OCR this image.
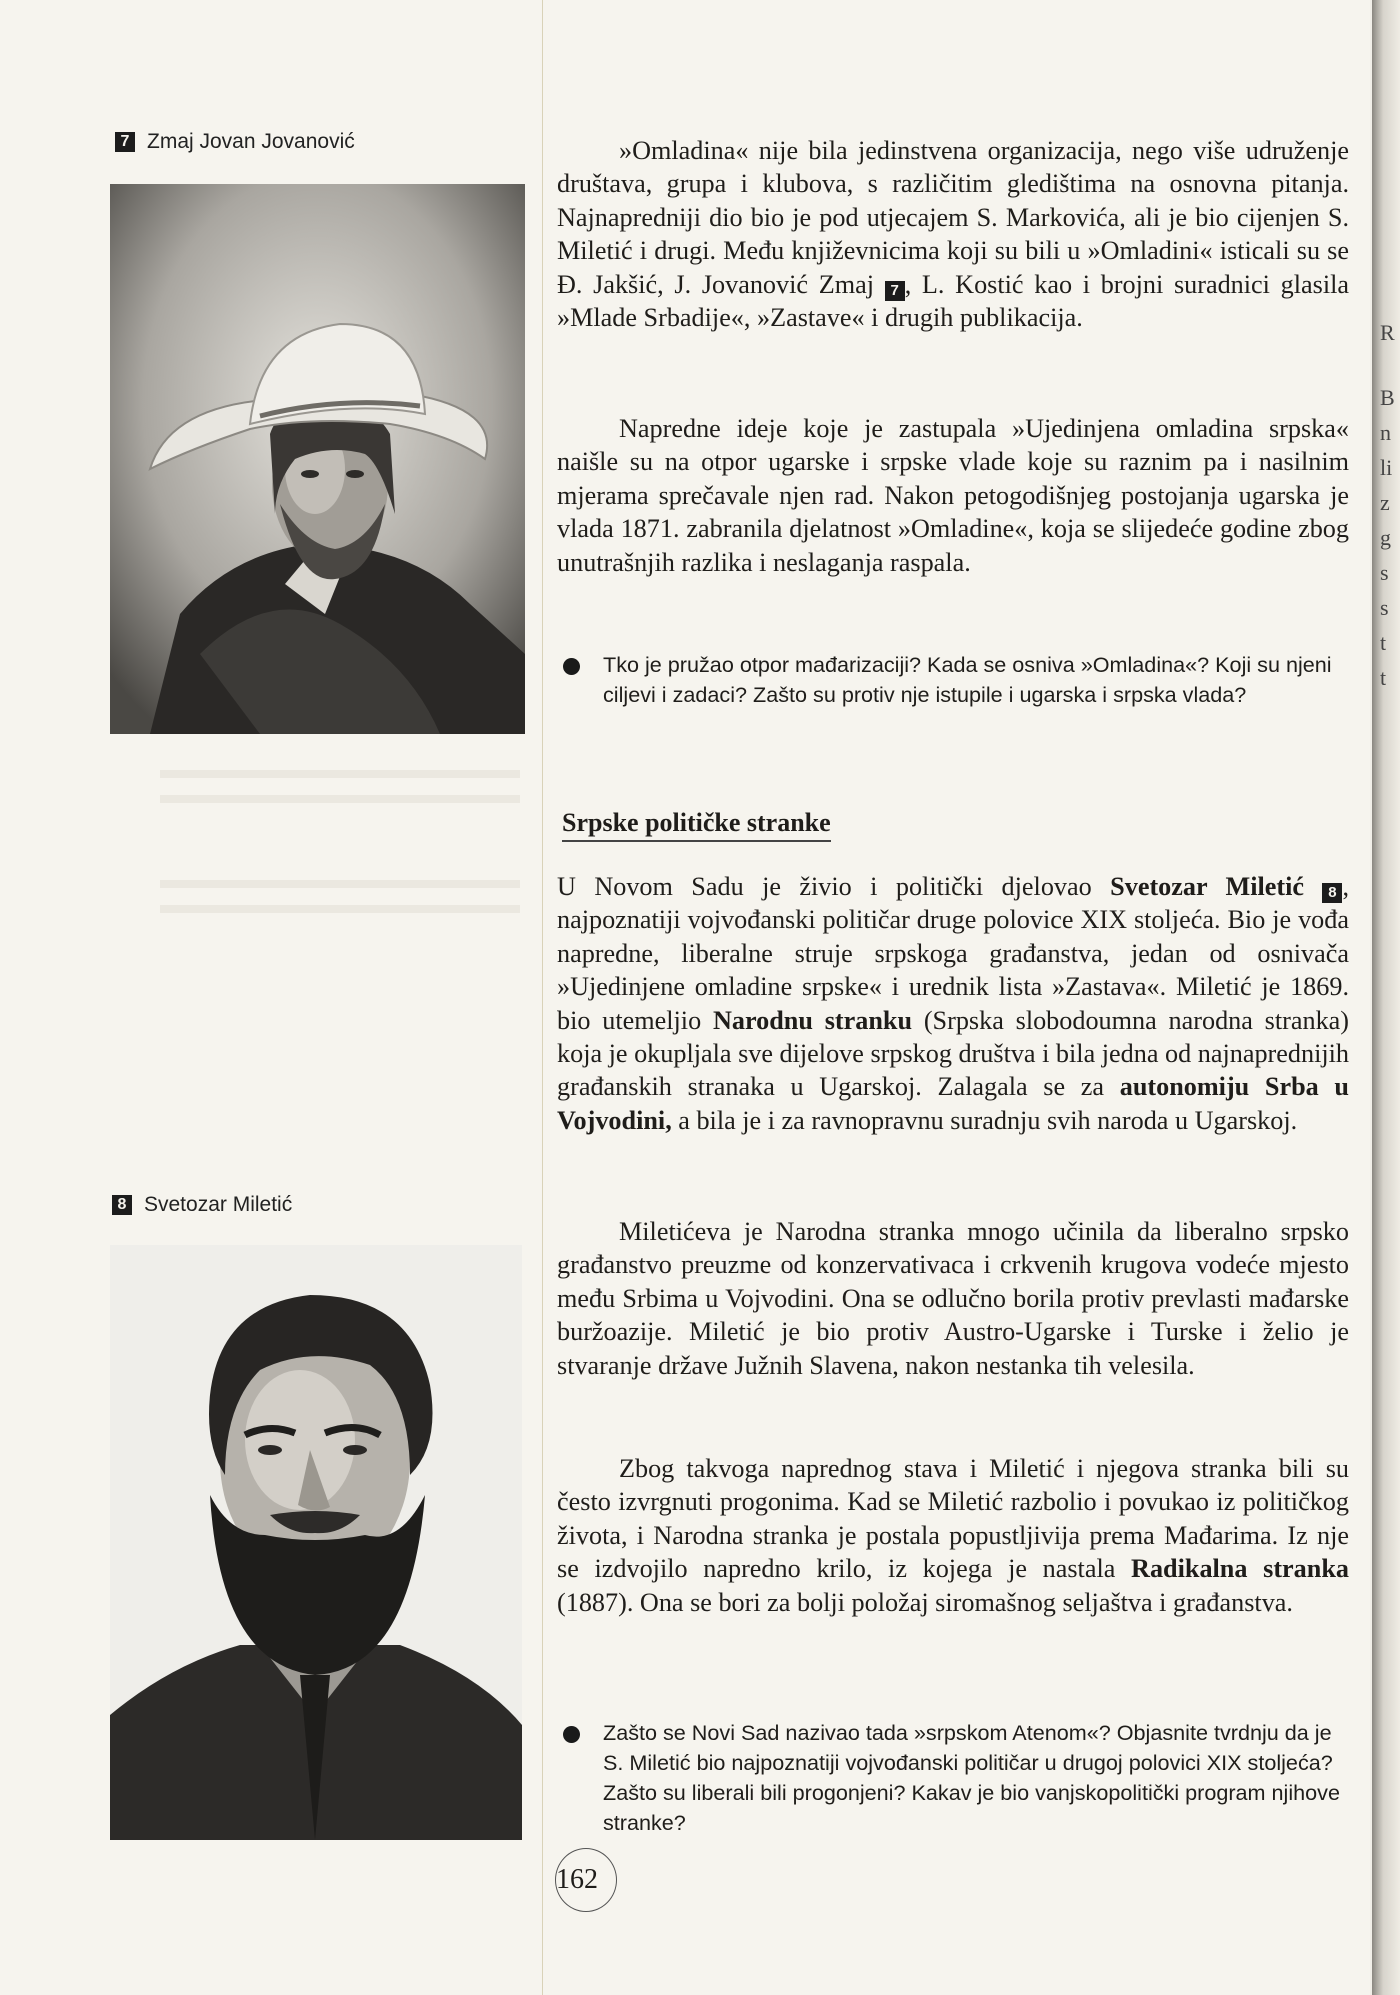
7 Zmaj Jovan Jovanović
8 Svetozar Miletić

»Omladina« nije bila jedinstvena organizacija, nego više udruženje društava, grupa i klubova, s različitim gledištima na osnovna pitanja. Najnapredniji dio bio je pod utjecajem S. Markovića, ali je bio cijenjen S. Miletić i drugi. Među književnicima koji su bili u »Omladini« isticali su se Đ. Jakšić, J. Jovanović Zmaj 7 , L. Kostić kao i brojni suradnici glasila »Mlade Srbadije«, »Zastave« i drugih publikacija.

Napredne ideje koje je zastupala »Ujedinjena omladina srpska« naišle su na otpor ugarske i srpske vlade koje su raznim pa i nasilnim mjerama sprečavale njen rad. Nakon petogodišnjeg postojanja ugarska je vlada 1871. zabranila djelatnost »Omladine«, koja se slijedeće godine zbog unutrašnjih razlika i neslaganja raspala.

Tko je pružao otpor mađarizaciji? Kada se osniva »Omladina«? Koji su njeni ciljevi i zadaci? Zašto su protiv nje istupile i ugarska i srpska vlada?
Srpske političke stranke

U Novom Sadu je živio i politički djelovao Svetozar Miletić 8 , najpoznatiji vojvođanski političar druge polovice XIX stoljeća. Bio je vođa napredne, liberalne struje srpskoga građanstva, jedan od osnivača »Ujedinjene omladine srpske« i urednik lista »Zastava«. Miletić je 1869. bio utemeljio Narodnu stranku (Srpska slobodoumna narodna stranka) koja je okupljala sve dijelove srpskog društva i bila jedna od najnaprednijih građanskih stranaka u Ugarskoj. Zalagala se za autonomiju Srba u Vojvodini, a bila je i za ravnopravnu suradnju svih naroda u Ugarskoj.

Miletićeva je Narodna stranka mnogo učinila da liberalno srpsko građanstvo preuzme od konzervativaca i crkvenih krugova vodeće mjesto među Srbima u Vojvodini. Ona se odlučno borila protiv prevlasti mađarske buržoazije. Miletić je bio protiv Austro-Ugarske i Turske i želio je stvaranje države Južnih Slavena, nakon nestanka tih velesila.

Zbog takvoga naprednog stava i Miletić i njegova stranka bili su često izvrgnuti progonima. Kad se Miletić razbolio i povukao iz političkog života, i Narodna stranka je postala popustljivija prema Mađarima. Iz nje se izdvojilo napredno krilo, iz kojega je nastala Radikalna stranka (1887). Ona se bori za bolji položaj siromašnog seljaštva i građanstva.

Zašto se Novi Sad nazivao tada »srpskom Atenom«? Objasnite tvrdnju da je S. Miletić bio najpoznatiji vojvođanski političar u drugoj polovici XIX stoljeća? Zašto su liberali bili progonjeni? Kakav je bio vanjskopolitički program njihove stranke?
162
R
B
n
li
z
g
s
s
t
t
